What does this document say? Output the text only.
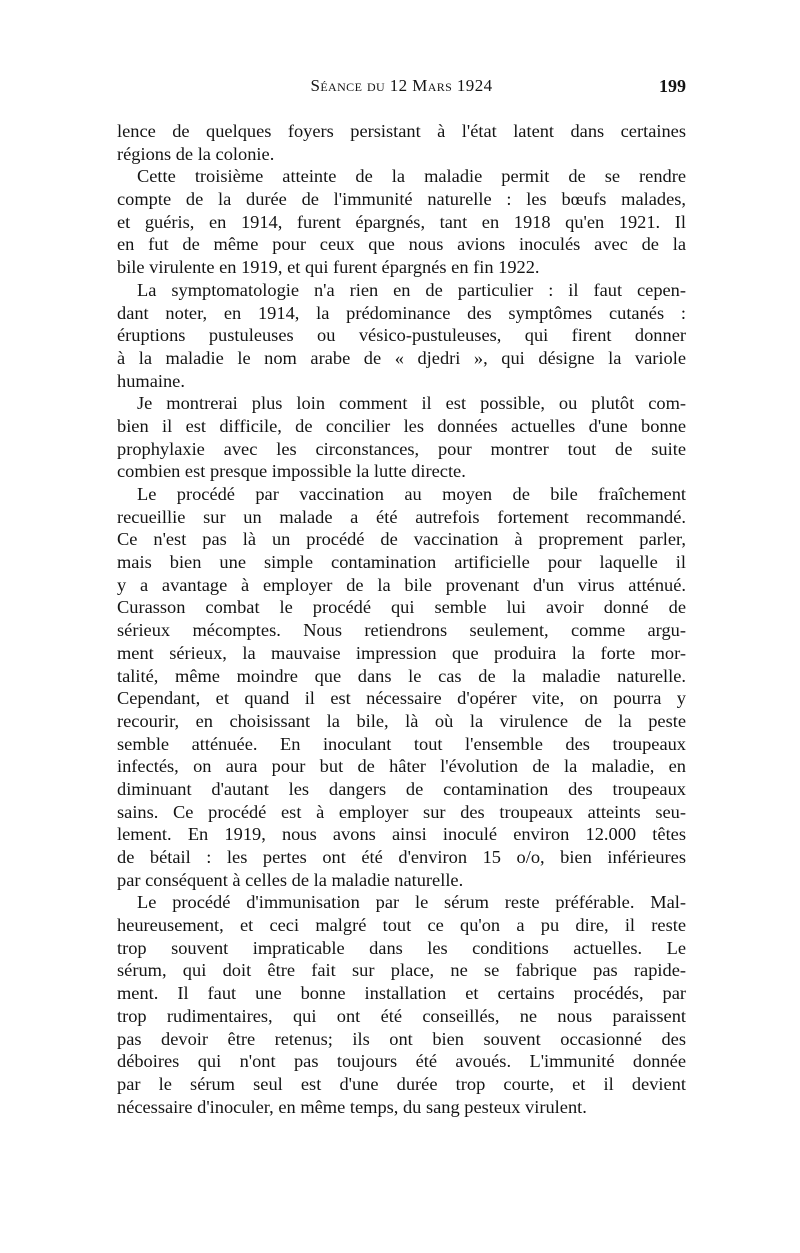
Séance du 12 Mars 1924	199
lence de quelques foyers persistant à l'état latent dans certaines
régions de la colonie.
Cette troisième atteinte de la maladie permit de se rendre
compte de la durée de l'immunité naturelle : les bœufs malades,
et guéris, en 1914, furent épargnés, tant en 1918 qu'en 1921. Il
en fut de même pour ceux que nous avions inoculés avec de la
bile virulente en 1919, et qui furent épargnés en fin 1922.
La symptomatologie n'a rien en de particulier : il faut cepen-
dant noter, en 1914, la prédominance des symptômes cutanés :
éruptions pustuleuses ou vésico-pustuleuses, qui firent donner
à la maladie le nom arabe de « djedri », qui désigne la variole
humaine.
Je montrerai plus loin comment il est possible, ou plutôt com-
bien il est difficile, de concilier les données actuelles d'une bonne
prophylaxie avec les circonstances, pour montrer tout de suite
combien est presque impossible la lutte directe.
Le procédé par vaccination au moyen de bile fraîchement
recueillie sur un malade a été autrefois fortement recommandé.
Ce n'est pas là un procédé de vaccination à proprement parler,
mais bien une simple contamination artificielle pour laquelle il
y a avantage à employer de la bile provenant d'un virus atténué.
Curasson combat le procédé qui semble lui avoir donné de
sérieux mécomptes. Nous retiendrons seulement, comme argu-
ment sérieux, la mauvaise impression que produira la forte mor-
talité, même moindre que dans le cas de la maladie naturelle.
Cependant, et quand il est nécessaire d'opérer vite, on pourra y
recourir, en choisissant la bile, là où la virulence de la peste
semble atténuée. En inoculant tout l'ensemble des troupeaux
infectés, on aura pour but de hâter l'évolution de la maladie, en
diminuant d'autant les dangers de contamination des troupeaux
sains. Ce procédé est à employer sur des troupeaux atteints seu-
lement. En 1919, nous avons ainsi inoculé environ 12.000 têtes
de bétail : les pertes ont été d'environ 15 o/o, bien inférieures
par conséquent à celles de la maladie naturelle.
Le procédé d'immunisation par le sérum reste préférable. Mal-
heureusement, et ceci malgré tout ce qu'on a pu dire, il reste
trop souvent impraticable dans les conditions actuelles. Le
sérum, qui doit être fait sur place, ne se fabrique pas rapide-
ment. Il faut une bonne installation et certains procédés, par
trop rudimentaires, qui ont été conseillés, ne nous paraissent
pas devoir être retenus; ils ont bien souvent occasionné des
déboires qui n'ont pas toujours été avoués. L'immunité donnée
par le sérum seul est d'une durée trop courte, et il devient
nécessaire d'inoculer, en même temps, du sang pesteux virulent.
